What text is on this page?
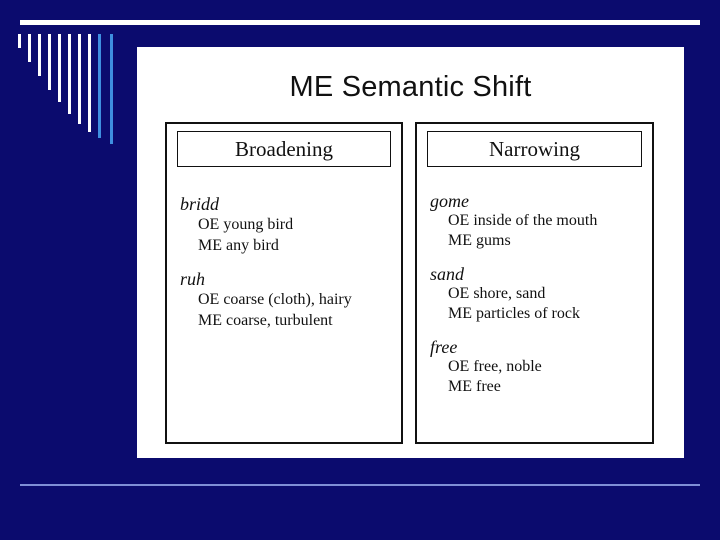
ME Semantic Shift
Broadening
bridd
OE young bird
ME any bird
ruh
OE coarse (cloth), hairy
ME coarse, turbulent
Narrowing
gome
OE inside of the mouth
ME gums
sand
OE shore, sand
ME particles of rock
free
OE free, noble
ME free
